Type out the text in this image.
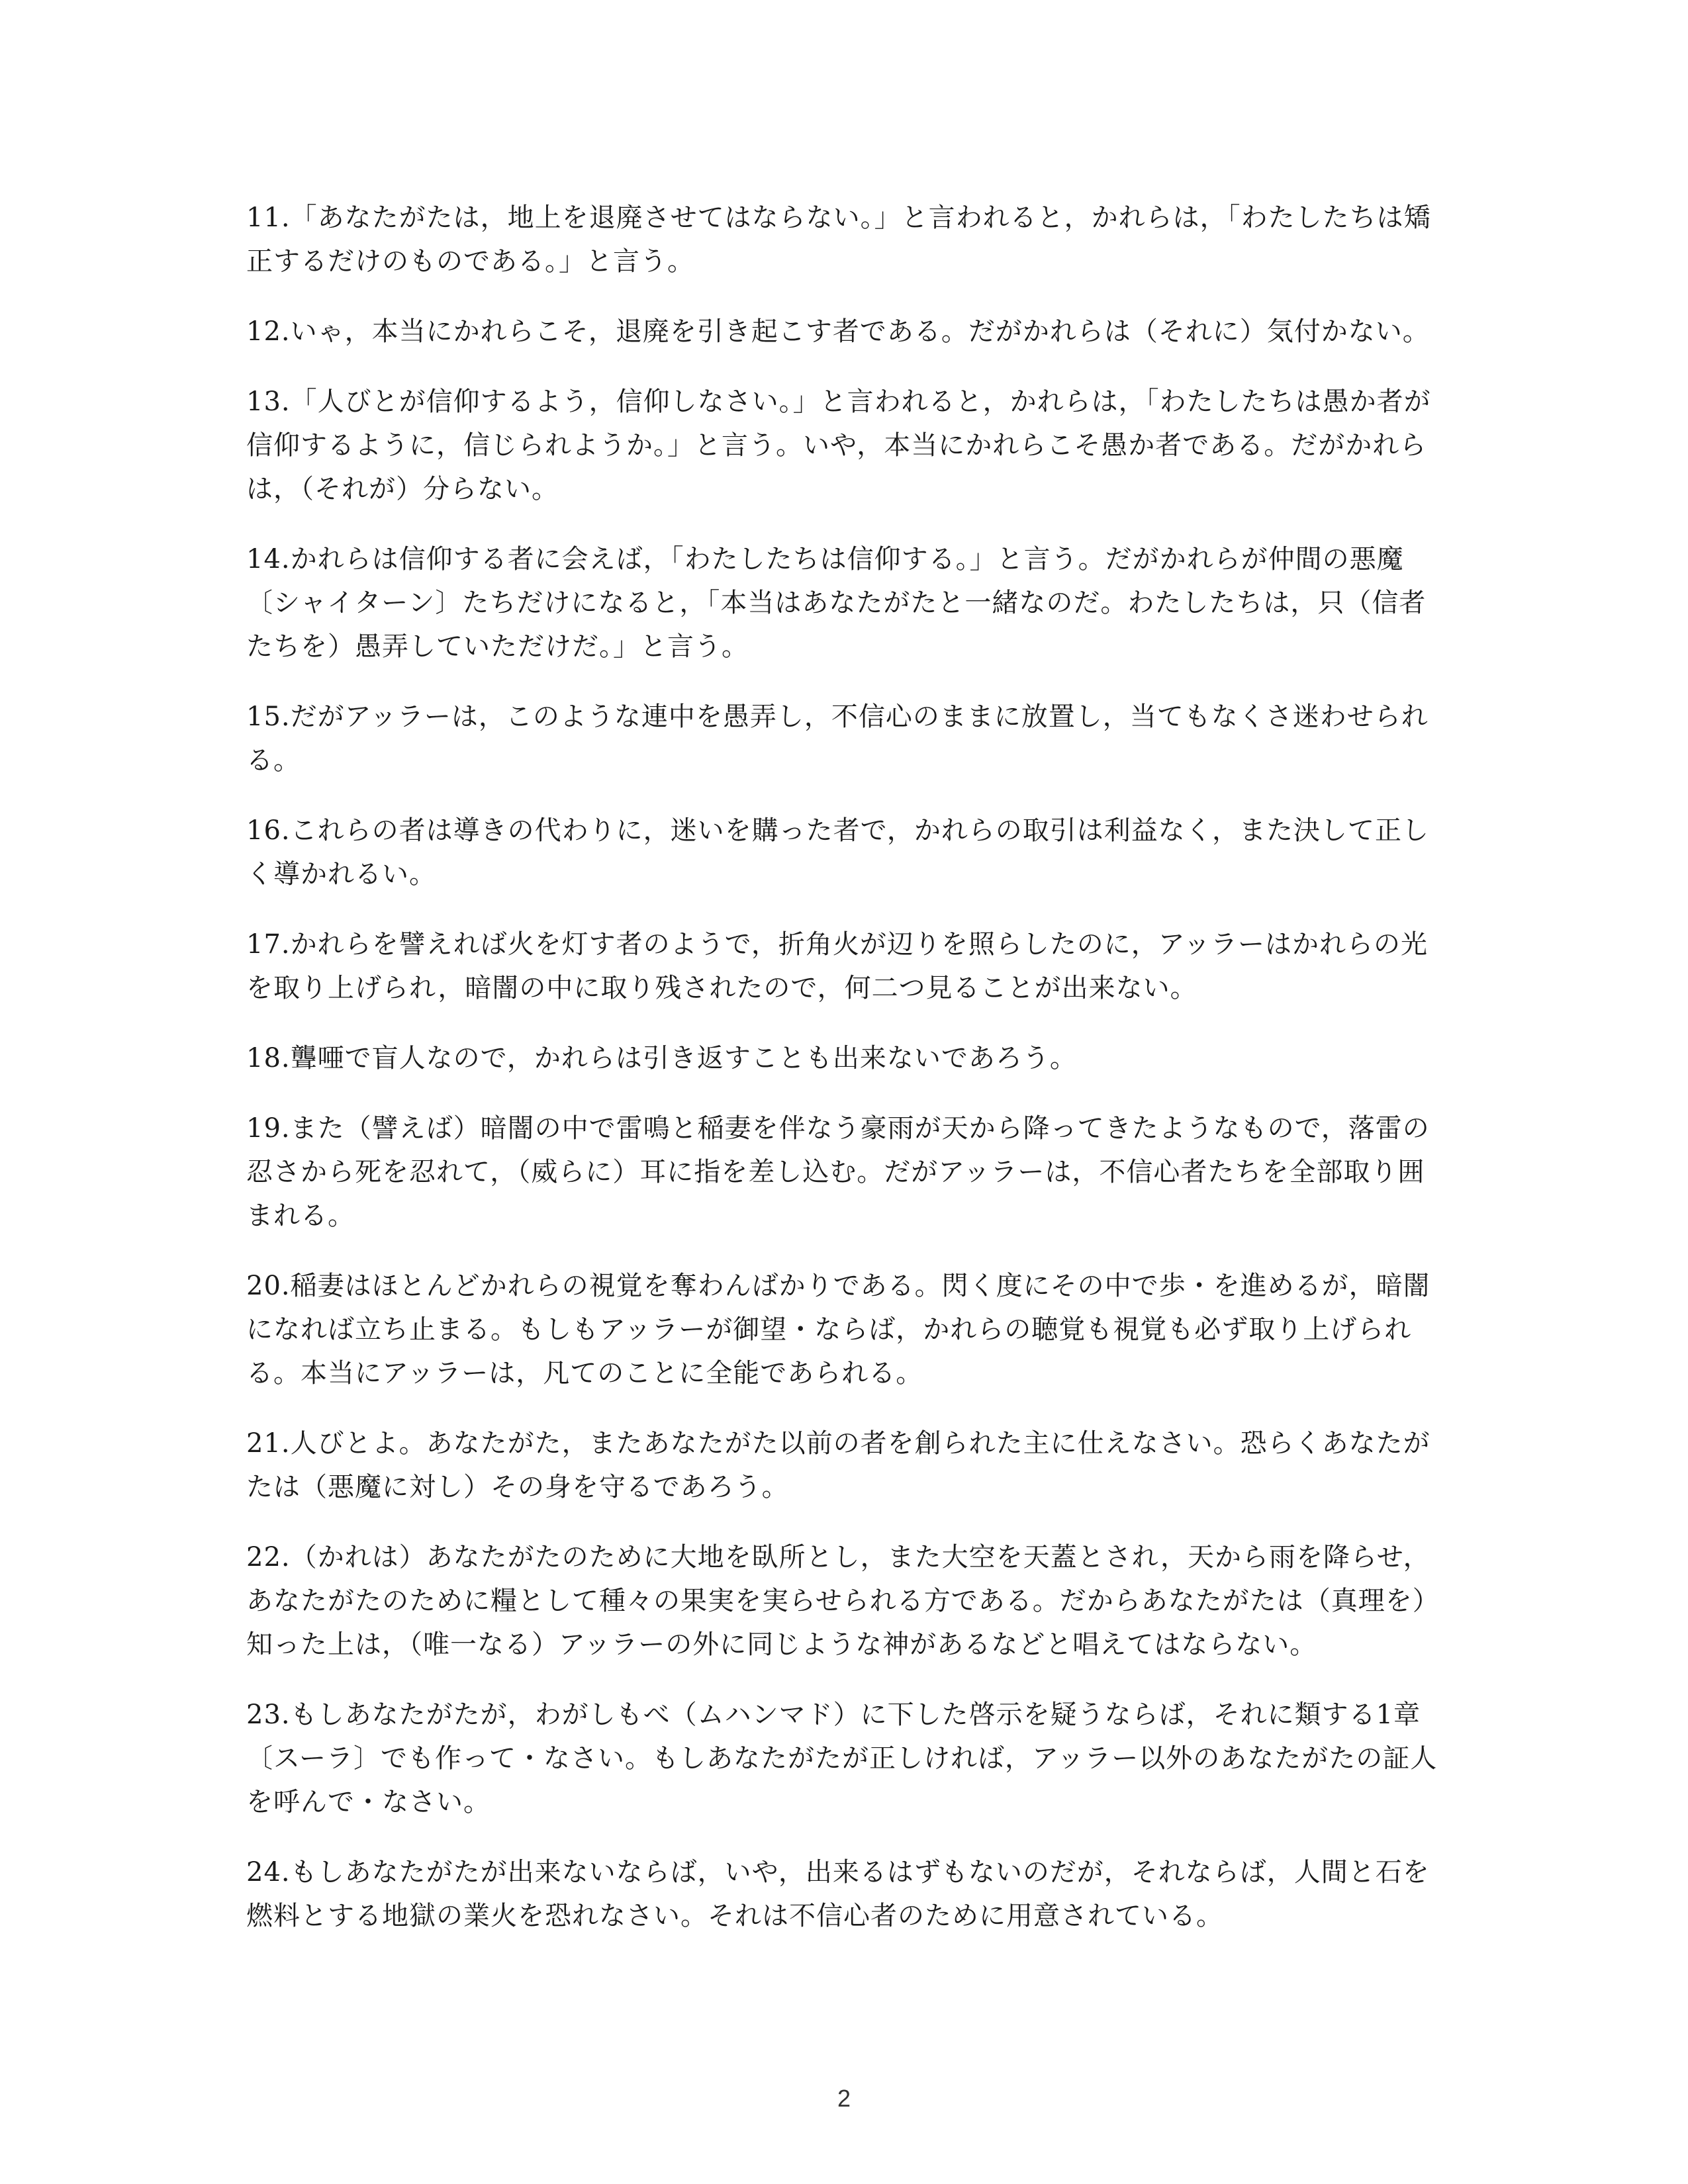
11.「あなたがたは，地上を退廃させてはならない。」と言われると，かれらは，「わたしたちは矯正するだけのものである。」と言う。

12.いゃ，本当にかれらこそ，退廃を引き起こす者である。だがかれらは（それに）気付かない。

13.「人びとが信仰するよう，信仰しなさい。」と言われると，かれらは，「わたしたちは愚か者が信仰するように，信じられようか。」と言う。いや，本当にかれらこそ愚か者である。だがかれらは，（それが）分らない。

14.かれらは信仰する者に会えば，「わたしたちは信仰する。」と言う。だがかれらが仲間の悪魔〔シャイターン〕たちだけになると，「本当はあなたがたと一緒なのだ。わたしたちは，只（信者たちを）愚弄していただけだ。」と言う。

15.だがアッラーは，このような連中を愚弄し，不信心のままに放置し，当てもなくさ迷わせられる。

16.これらの者は導きの代わりに，迷いを購った者で，かれらの取引は利益なく，また決して正しく導かれるい。

17.かれらを譬えれば火を灯す者のようで，折角火が辺りを照らしたのに，アッラーはかれらの光を取り上げられ，暗闇の中に取り残されたので，何二つ見ることが出来ない。

18.聾唖で盲人なので，かれらは引き返すことも出来ないであろう。

19.また（譬えば）暗闇の中で雷鳴と稲妻を伴なう豪雨が天から降ってきたようなもので，落雷の忍さから死を忍れて，（威らに）耳に指を差し込む。だがアッラーは，不信心者たちを全部取り囲まれる。

20.稲妻はほとんどかれらの視覚を奪わんばかりである。閃く度にその中で歩・を進めるが，暗闇になれば立ち止まる。もしもアッラーが御望・ならば，かれらの聴覚も視覚も必ず取り上げられる。本当にアッラーは，凡てのことに全能であられる。

21.人びとよ。あなたがた，またあなたがた以前の者を創られた主に仕えなさい。恐らくあなたがたは（悪魔に対し）その身を守るであろう。

22.（かれは）あなたがたのために大地を臥所とし，また大空を天蓋とされ，天から雨を降らせ，あなたがたのために糧として種々の果実を実らせられる方である。だからあなたがたは（真理を）知った上は，（唯一なる）アッラーの外に同じような神があるなどと唱えてはならない。

23.もしあなたがたが，わがしもべ（ムハンマド）に下した啓示を疑うならば，それに類する1章〔スーラ〕でも作って・なさい。もしあなたがたが正しければ，アッラー以外のあなたがたの証人を呼んで・なさい。

24.もしあなたがたが出来ないならば，いや，出来るはずもないのだが，それならば，人間と石を燃料とする地獄の業火を恐れなさい。それは不信心者のために用意されている。

2
